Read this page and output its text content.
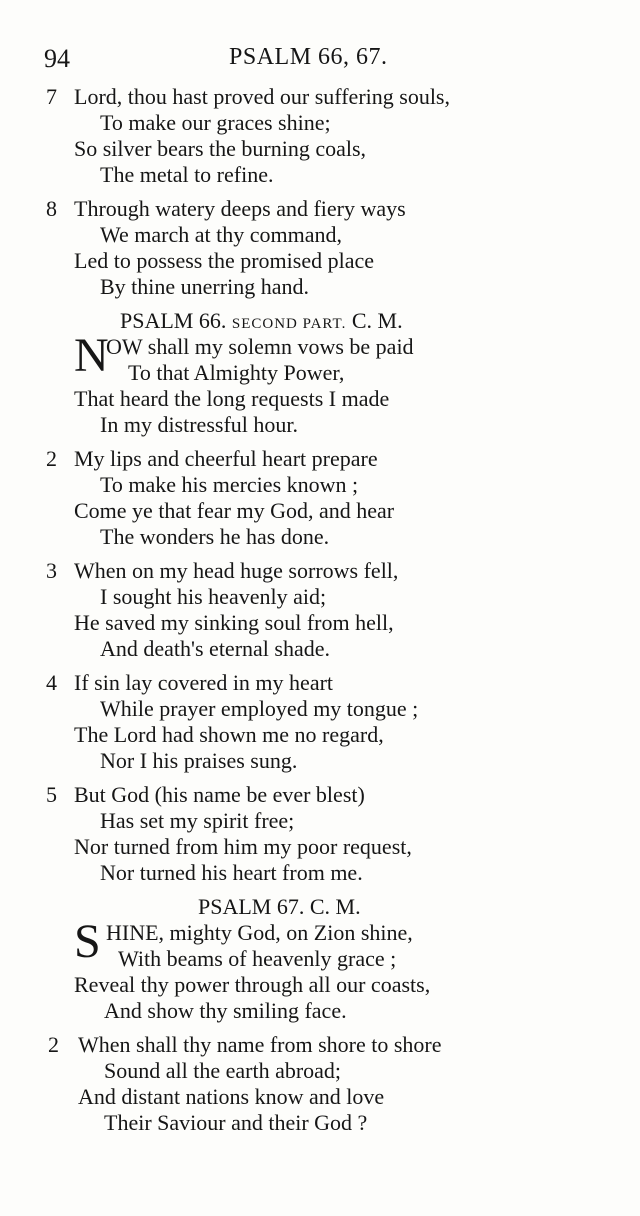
94	PSALM 66, 67.
7 Lord, thou hast proved our suffering souls,
To make our graces shine;
So silver bears the burning coals,
The metal to refine.
8 Through watery deeps and fiery ways
We march at thy command,
Led to possess the promised place
By thine unerring hand.
PSALM 66. SECOND PART. C. M.
N
OW shall my solemn vows be paid
To that Almighty Power,
That heard the long requests I made
In my distressful hour.
2 My lips and cheerful heart prepare
To make his mercies known ;
Come ye that fear my God, and hear
The wonders he has done.
3 When on my head huge sorrows fell,
I sought his heavenly aid;
He saved my sinking soul from hell,
And death's eternal shade.
4 If sin lay covered in my heart
While prayer employed my tongue ;
The Lord had shown me no regard,
Nor I his praises sung.
5 But God (his name be ever blest)
Has set my spirit free;
Nor turned from him my poor request,
Nor turned his heart from me.
PSALM 67. C. M.
S HINE, mighty God, on Zion shine,
With beams of heavenly grace ;
Reveal thy power through all our coasts,
And show thy smiling face.
2 When shall thy name from shore to shore
Sound all the earth abroad;
And distant nations know and love
Their Saviour and their God ?
